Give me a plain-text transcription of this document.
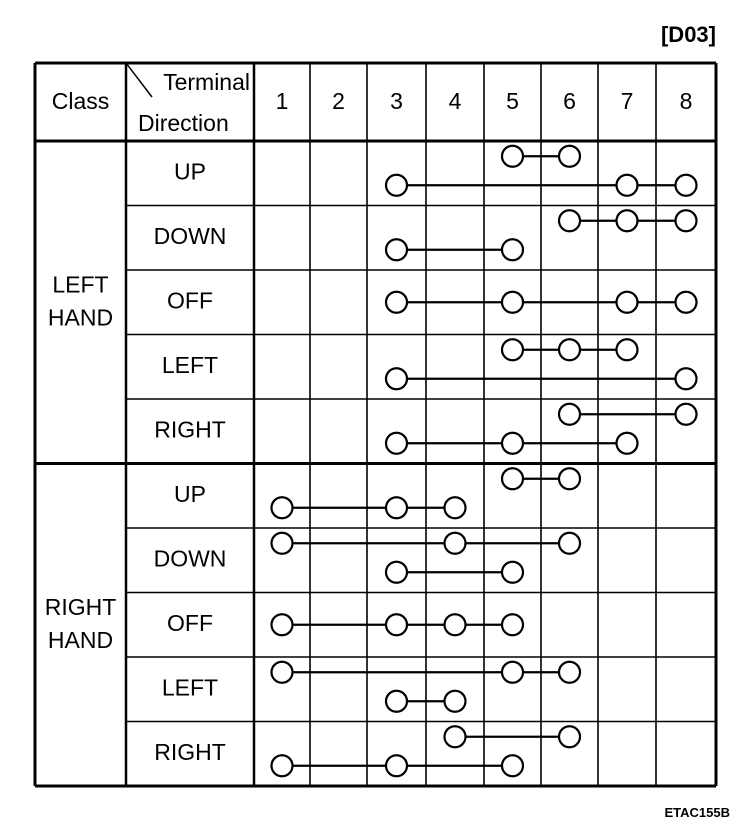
[D03]
Class
Terminal
Direction
1 2 3 4 5 6 7 8
LEFT
HAND
UP
DOWN
OFF
LEFT
RIGHT
RIGHT
HAND
UP
DOWN
OFF
LEFT
RIGHT
ETAC155B
